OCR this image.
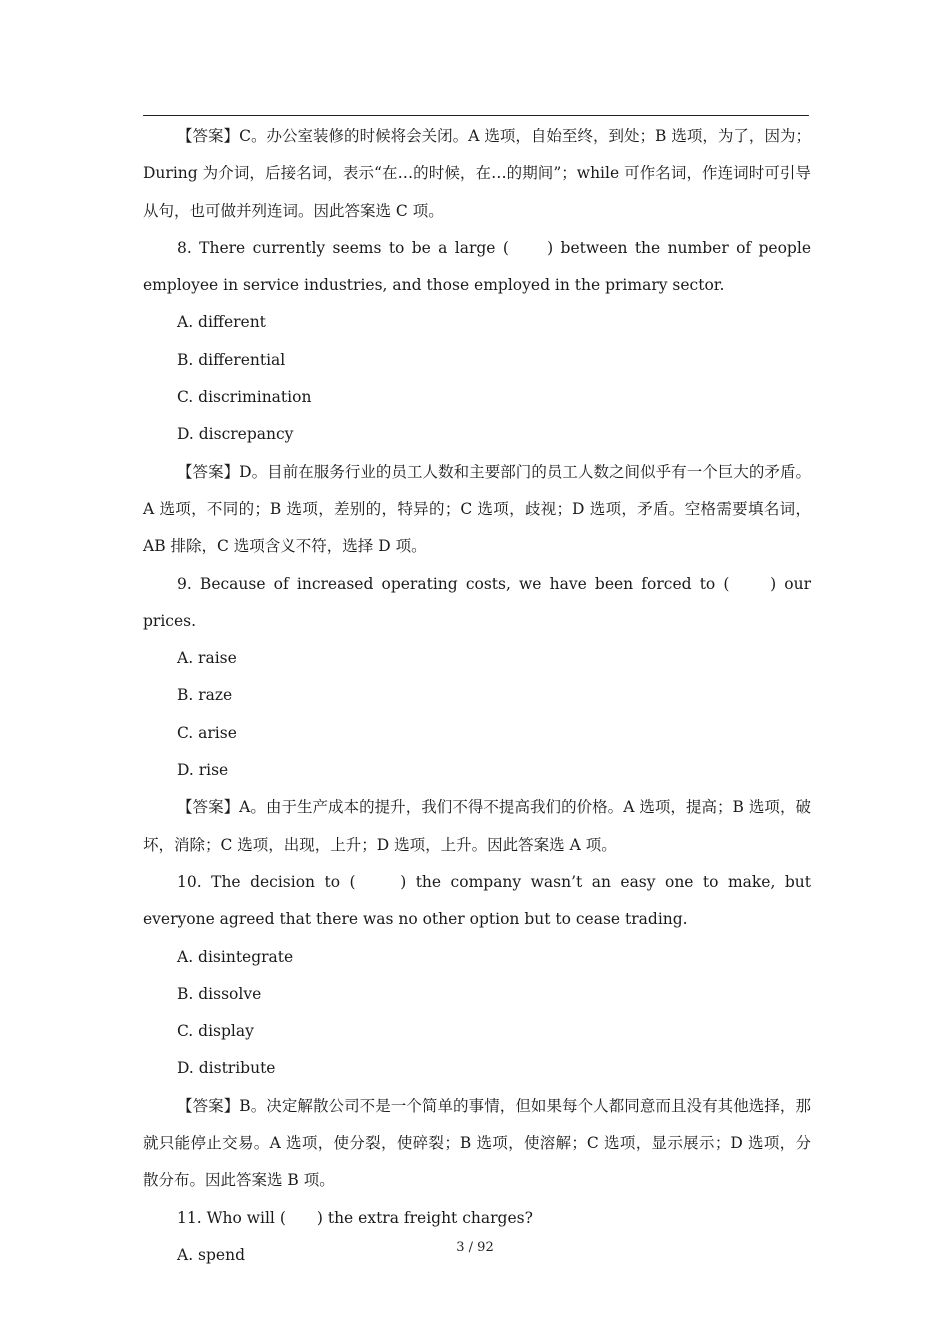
【答案】C。办公室装修的时候将会关闭。A 选项，自始至终，到处；B 选项，为了，因为；During 为介词，后接名词，表示“在…的时候，在…的期间”；while 可作名词，作连词时可引导从句，也可做并列连词。因此答案选 C 项。

8. There currently seems to be a large (　　) between the number of people employee in service industries, and those employed in the primary sector.

A. different

B. differential

C. discrimination

D. discrepancy

【答案】D。目前在服务行业的员工人数和主要部门的员工人数之间似乎有一个巨大的矛盾。A 选项，不同的；B 选项，差别的，特异的；C 选项，歧视；D 选项，矛盾。空格需要填名词，AB 排除，C 选项含义不符，选择 D 项。

9. Because of increased operating costs, we have been forced to (　　) our prices.

A. raise

B. raze

C. arise

D. rise

【答案】A。由于生产成本的提升，我们不得不提高我们的价格。A 选项，提高；B 选项，破坏，消除；C 选项，出现，上升；D 选项，上升。因此答案选 A 项。

10. The decision to (　　) the company wasn’t an easy one to make, but everyone agreed that there was no other option but to cease trading.

A. disintegrate

B. dissolve

C. display

D. distribute

【答案】B。决定解散公司不是一个简单的事情，但如果每个人都同意而且没有其他选择，那就只能停止交易。A 选项，使分裂，使碎裂；B 选项，使溶解；C 选项，显示展示；D 选项，分散分布。因此答案选 B 项。

11. Who will (　　) the extra freight charges?

A. spend	3 / 92
